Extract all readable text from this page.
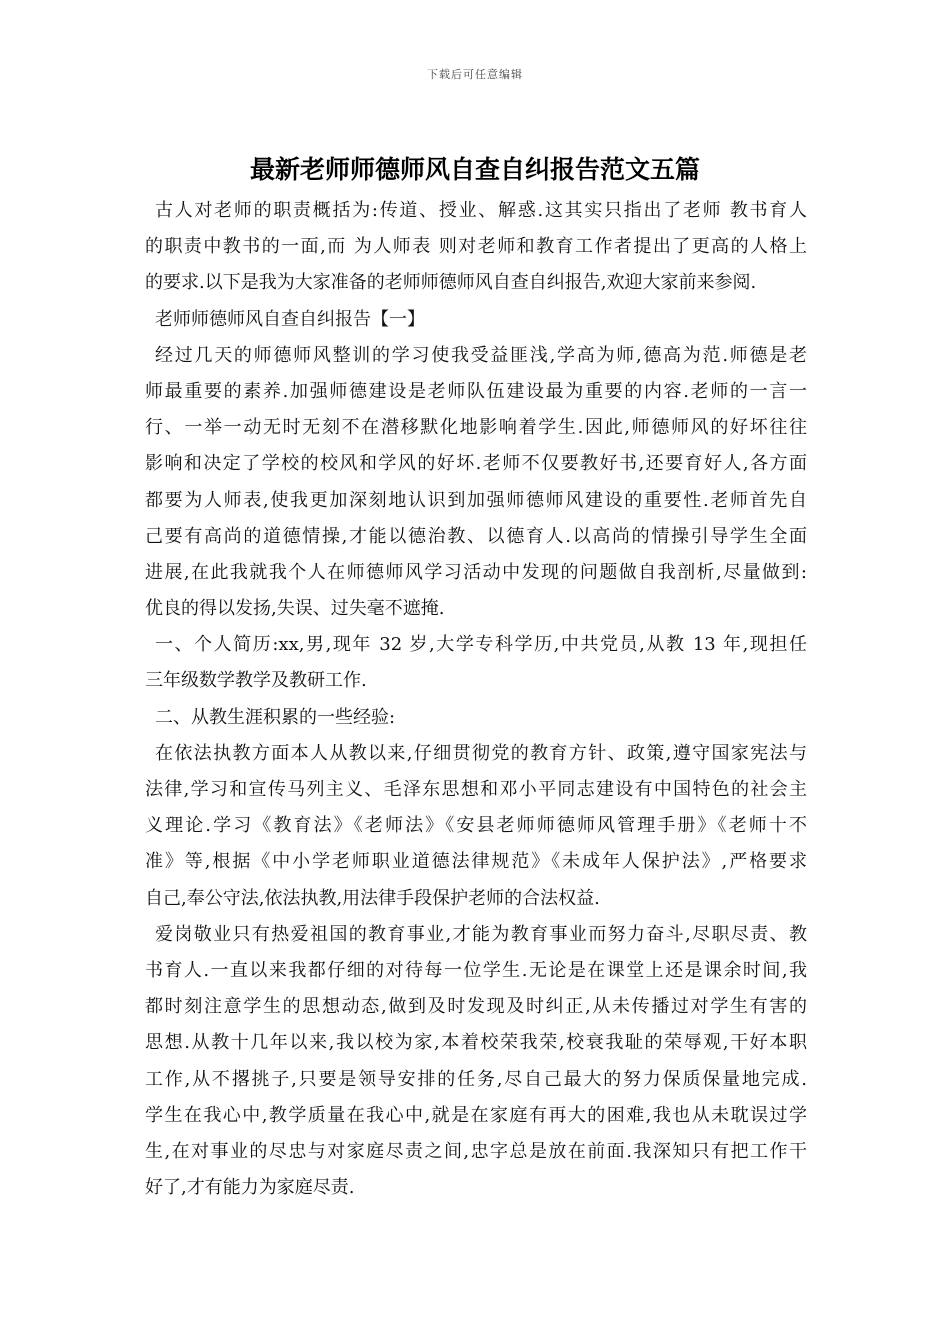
下载后可任意编辑
最新老师师德师风自查自纠报告范文五篇
古人对老师的职责概括为:传道、授业、解惑.这其实只指出了老师 教书育人
的职责中教书的一面,而 为人师表 则对老师和教育工作者提出了更高的人格上
的要求.以下是我为大家准备的老师师德师风自查自纠报告,欢迎大家前来参阅.
老师师德师风自查自纠报告【一】
经过几天的师德师风整训的学习使我受益匪浅,学高为师,德高为范.师德是老
师最重要的素养.加强师德建设是老师队伍建设最为重要的内容.老师的一言一
行、一举一动无时无刻不在潜移默化地影响着学生.因此,师德师风的好坏往往
影响和决定了学校的校风和学风的好坏.老师不仅要教好书,还要育好人,各方面
都要为人师表,使我更加深刻地认识到加强师德师风建设的重要性.老师首先自
己要有高尚的道德情操,才能以德治教、以德育人.以高尚的情操引导学生全面
进展,在此我就我个人在师德师风学习活动中发现的问题做自我剖析,尽量做到:
优良的得以发扬,失误、过失毫不遮掩.
一、个人简历:xx,男,现年 32 岁,大学专科学历,中共党员,从教 13 年,现担任
三年级数学教学及教研工作.
二、从教生涯积累的一些经验:
在依法执教方面本人从教以来,仔细贯彻党的教育方针、政策,遵守国家宪法与
法律,学习和宣传马列主义、毛泽东思想和邓小平同志建设有中国特色的社会主
义理论.学习《教育法》《老师法》《安县老师师德师风管理手册》《老师十不
准》等,根据《中小学老师职业道德法律规范》《未成年人保护法》,严格要求
自己,奉公守法,依法执教,用法律手段保护老师的合法权益.
爱岗敬业只有热爱祖国的教育事业,才能为教育事业而努力奋斗,尽职尽责、教
书育人.一直以来我都仔细的对待每一位学生.无论是在课堂上还是课余时间,我
都时刻注意学生的思想动态,做到及时发现及时纠正,从未传播过对学生有害的
思想.从教十几年以来,我以校为家,本着校荣我荣,校衰我耻的荣辱观,干好本职
工作,从不撂挑子,只要是领导安排的任务,尽自己最大的努力保质保量地完成.
学生在我心中,教学质量在我心中,就是在家庭有再大的困难,我也从未耽误过学
生,在对事业的尽忠与对家庭尽责之间,忠字总是放在前面.我深知只有把工作干
好了,才有能力为家庭尽责.
